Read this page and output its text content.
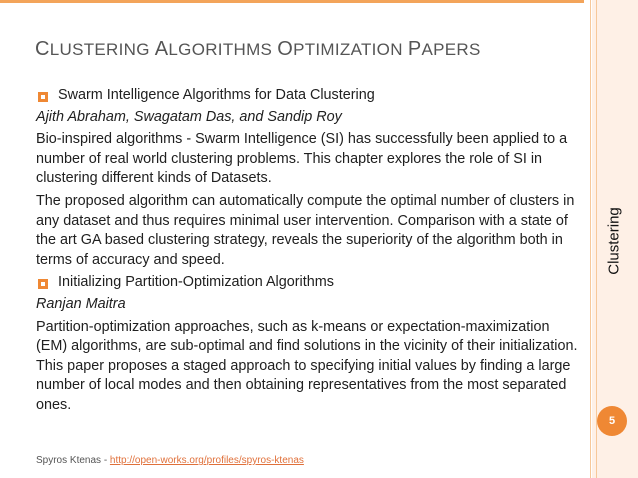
Clustering
5
CLUSTERING ALGORITHMS OPTIMIZATION PAPERS
Swarm Intelligence Algorithms for Data Clustering

Ajith Abraham, Swagatam Das, and Sandip Roy

Bio-inspired algorithms - Swarm Intelligence (SI) has successfully been applied to a number of real world clustering problems. This chapter explores the role of SI in clustering different kinds of Datasets.

The proposed algorithm can automatically compute the optimal number of clusters in any dataset and thus requires minimal user intervention. Comparison with a state of the art GA based clustering strategy, reveals the superiority of the algorithm both in terms of accuracy and speed.

Initializing Partition-Optimization Algorithms

Ranjan Maitra

Partition-optimization approaches, such as k-means or expectation-maximization (EM) algorithms, are sub-optimal and find solutions in the vicinity of their initialization. This paper proposes a staged approach to specifying initial values by finding a large number of local modes and then obtaining representatives from the most separated ones.

Spyros Ktenas - http://open-works.org/profiles/spyros-ktenas
